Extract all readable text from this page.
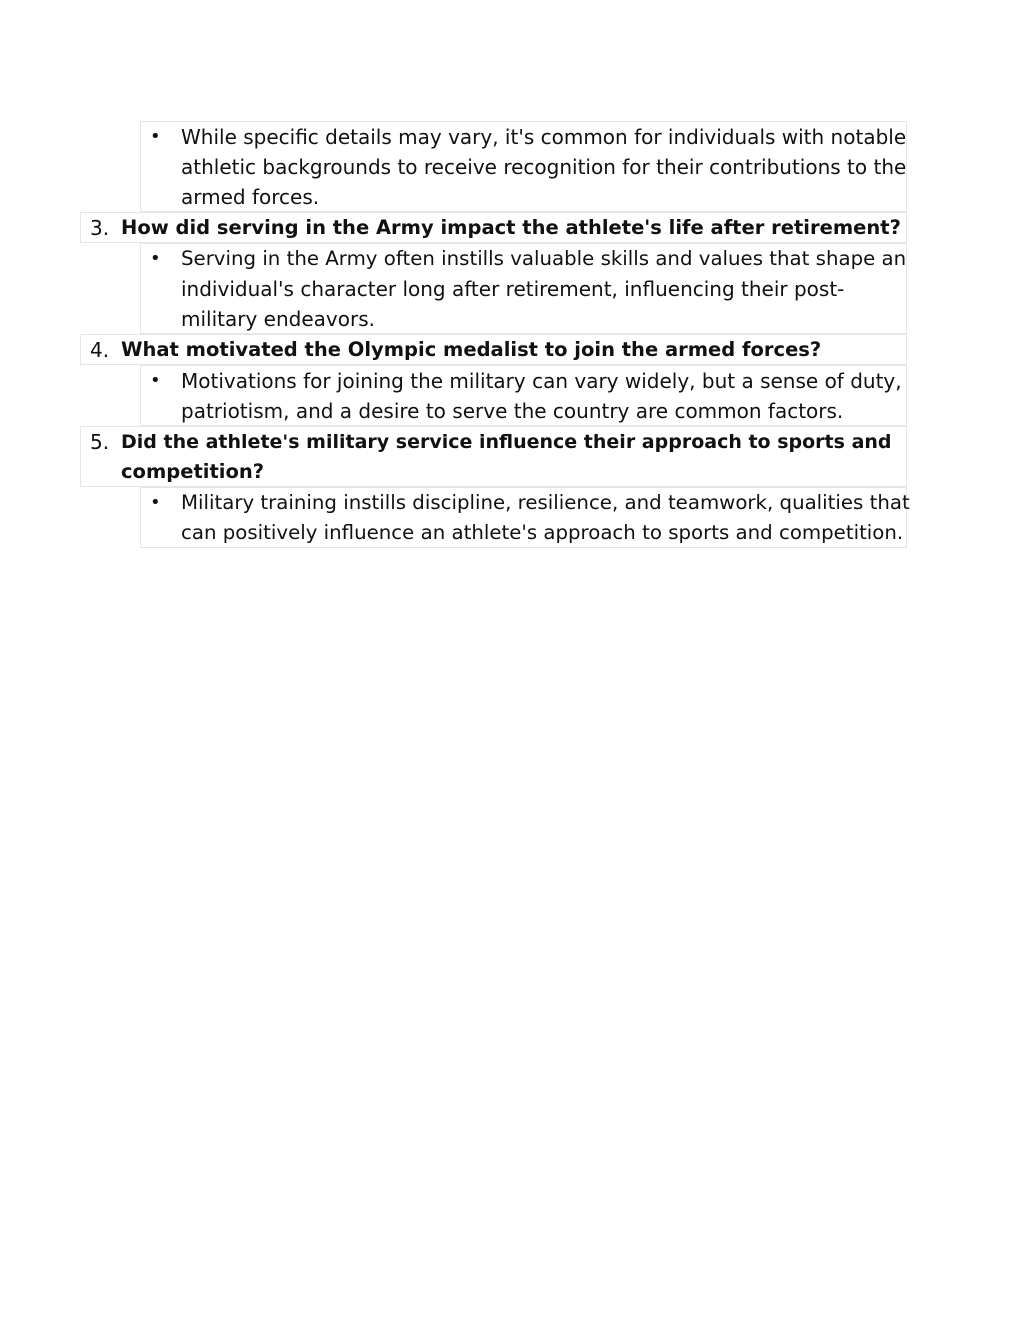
• While specific details may vary, it's common for individuals with notable
athletic backgrounds to receive recognition for their contributions to the
armed forces.
3. How did serving in the Army impact the athlete's life after retirement?
• Serving in the Army often instills valuable skills and values that shape an
individual's character long after retirement, influencing their post-
military endeavors.
4. What motivated the Olympic medalist to join the armed forces?
• Motivations for joining the military can vary widely, but a sense of duty,
patriotism, and a desire to serve the country are common factors.
5. Did the athlete's military service influence their approach to sports and
competition?
• Military training instills discipline, resilience, and teamwork, qualities that
can positively influence an athlete's approach to sports and competition.
